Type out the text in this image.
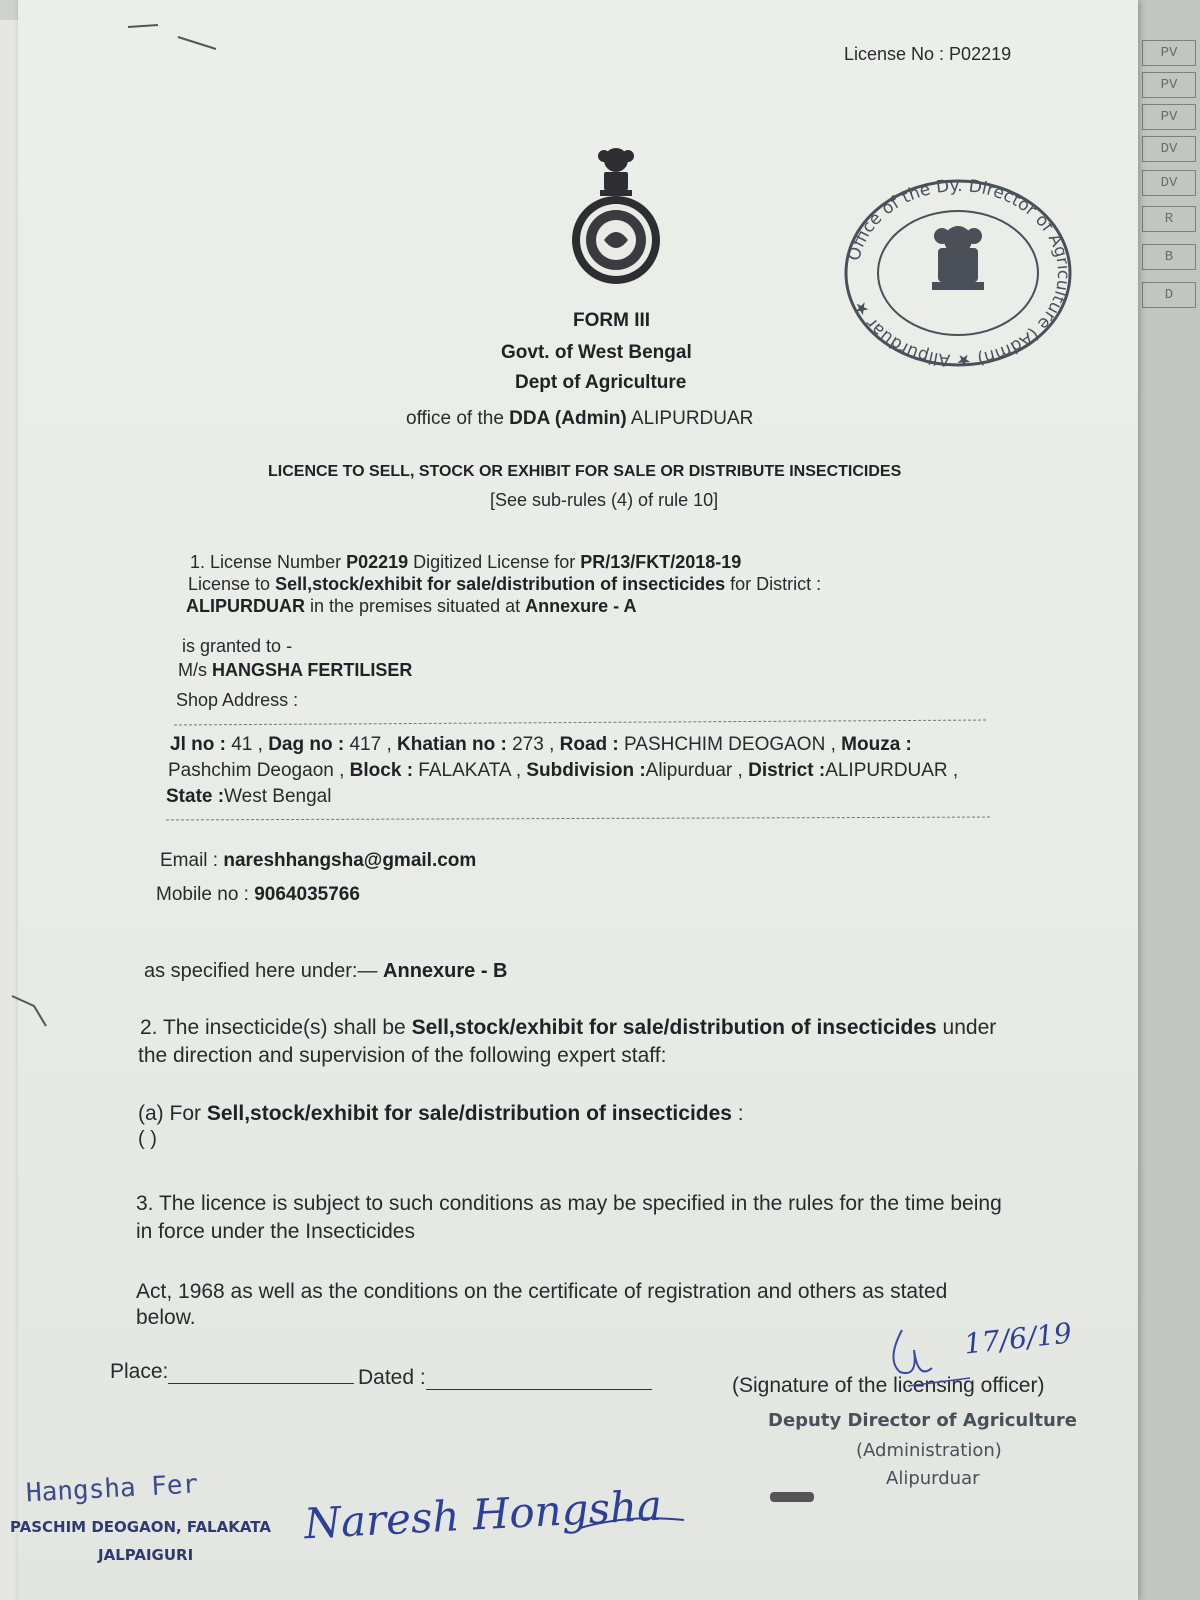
PV
PV
PV
DV
DV
R
B
D
License No : P02219
Office of the Dy. Director of Agriculture (Admn) ★ Alipurduar ★
FORM III
Govt. of West Bengal
Dept of Agriculture
office of the DDA (Admin) ALIPURDUAR
LICENCE TO SELL, STOCK OR EXHIBIT FOR SALE OR DISTRIBUTE INSECTICIDES
[See sub-rules (4) of rule 10]
1. License Number P02219 Digitized License for PR/13/FKT/2018-19
License to Sell,stock/exhibit for sale/distribution of insecticides for District :
ALIPURDUAR in the premises situated at Annexure - A
is granted to -
M/s HANGSHA FERTILISER
Shop Address :
Jl no : 41 , Dag no : 417 , Khatian no : 273 , Road : PASHCHIM DEOGAON , Mouza :
Pashchim Deogaon , Block : FALAKATA , Subdivision :Alipurduar , District :ALIPURDUAR ,
State :West Bengal
Email : nareshhangsha@gmail.com
Mobile no : 9064035766
as specified here under:— Annexure - B
2. The insecticide(s) shall be Sell,stock/exhibit for sale/distribution of insecticides under
the direction and supervision of the following expert staff:
(a) For Sell,stock/exhibit for sale/distribution of insecticides :
( )
3. The licence is subject to such conditions as may be specified in the rules for the time being
in force under the Insecticides
Act, 1968 as well as the conditions on the certificate of registration and others as stated
below.
Place:	Dated :	(Signature of the licensing officer)
17/6/19
Deputy Director of Agriculture
(Administration)
Alipurduar
Hangsha Fer
PASCHIM DEOGAON, FALAKATA
JALPAIGURI
Naresh Hongsha
